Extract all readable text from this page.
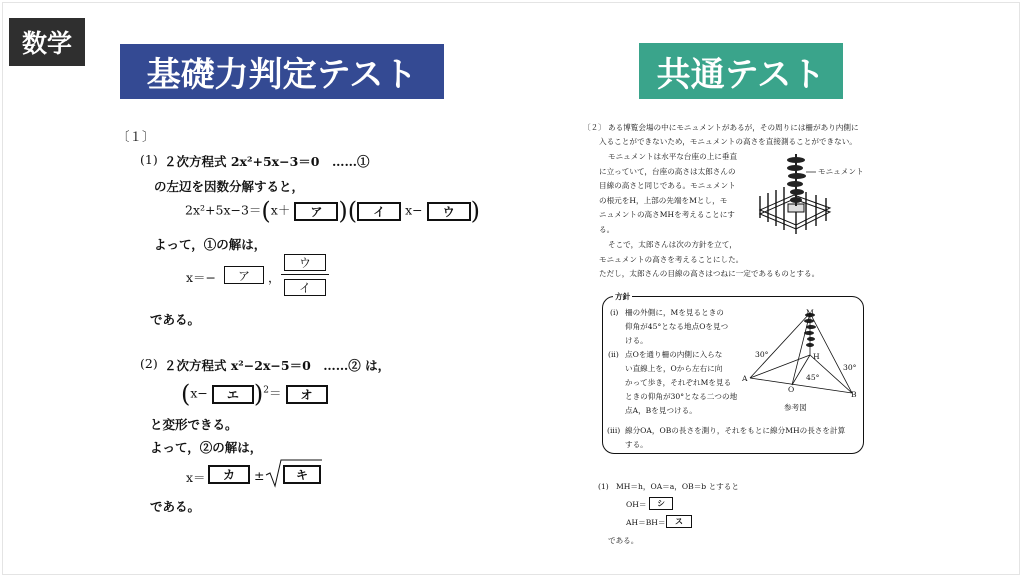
数学
基礎力判定テスト	共通テスト
〔１〕
(1) ２次方程式 2x²+5x−3＝0　……①
の左辺を因数分解すると，
2x²+5x−3＝(x＋ ア )( イ x− ウ )
よって，①の解は，
x＝−	ア	，
ウ
イ
である。
(2) ２次方程式 x²−2x−5＝0　……② は，
(x− エ )$^2$＝ オ
と変形できる。
よって，②の解は，
x＝	カ	±	キ
である。
〔２〕 ある博覧会場の中にモニュメントがあるが，その周りには柵があり内側に
入ることができないため，モニュメントの高さを直接測ることができない。
モニュメントは水平な台座の上に垂直
に立っていて，台座の高さは太郎さんの
目線の高さと同じである。モニュメント
の根元をH，上部の先端をMとし，モ
ニュメントの高さMHを考えることにす
る。
そこで，太郎さんは次の方針を立て，
モニュメントの高さを考えることにした。
ただし，太郎さんの目線の高さはつねに一定であるものとする。
モニュメント
方針
(i) 柵の外側に，Mを見るときの
仰角が45°となる地点Oを見つ
ける。
(ii) 点Oを通り柵の内側に入らな
い直線上を，Oから左右に向
かって歩き，それぞれMを見る
ときの仰角が30°となる二つの地
点A，Bを見つける。
(iii) 線分OA，OBの長さを測り，それをもとに線分MHの長さを計算
する。
M
H
A
O
B
30°
30°
45°
参考図
(1) MH＝h，OA＝a，OB＝b とすると
OH＝	シ
AH＝BH＝	ス
である。
